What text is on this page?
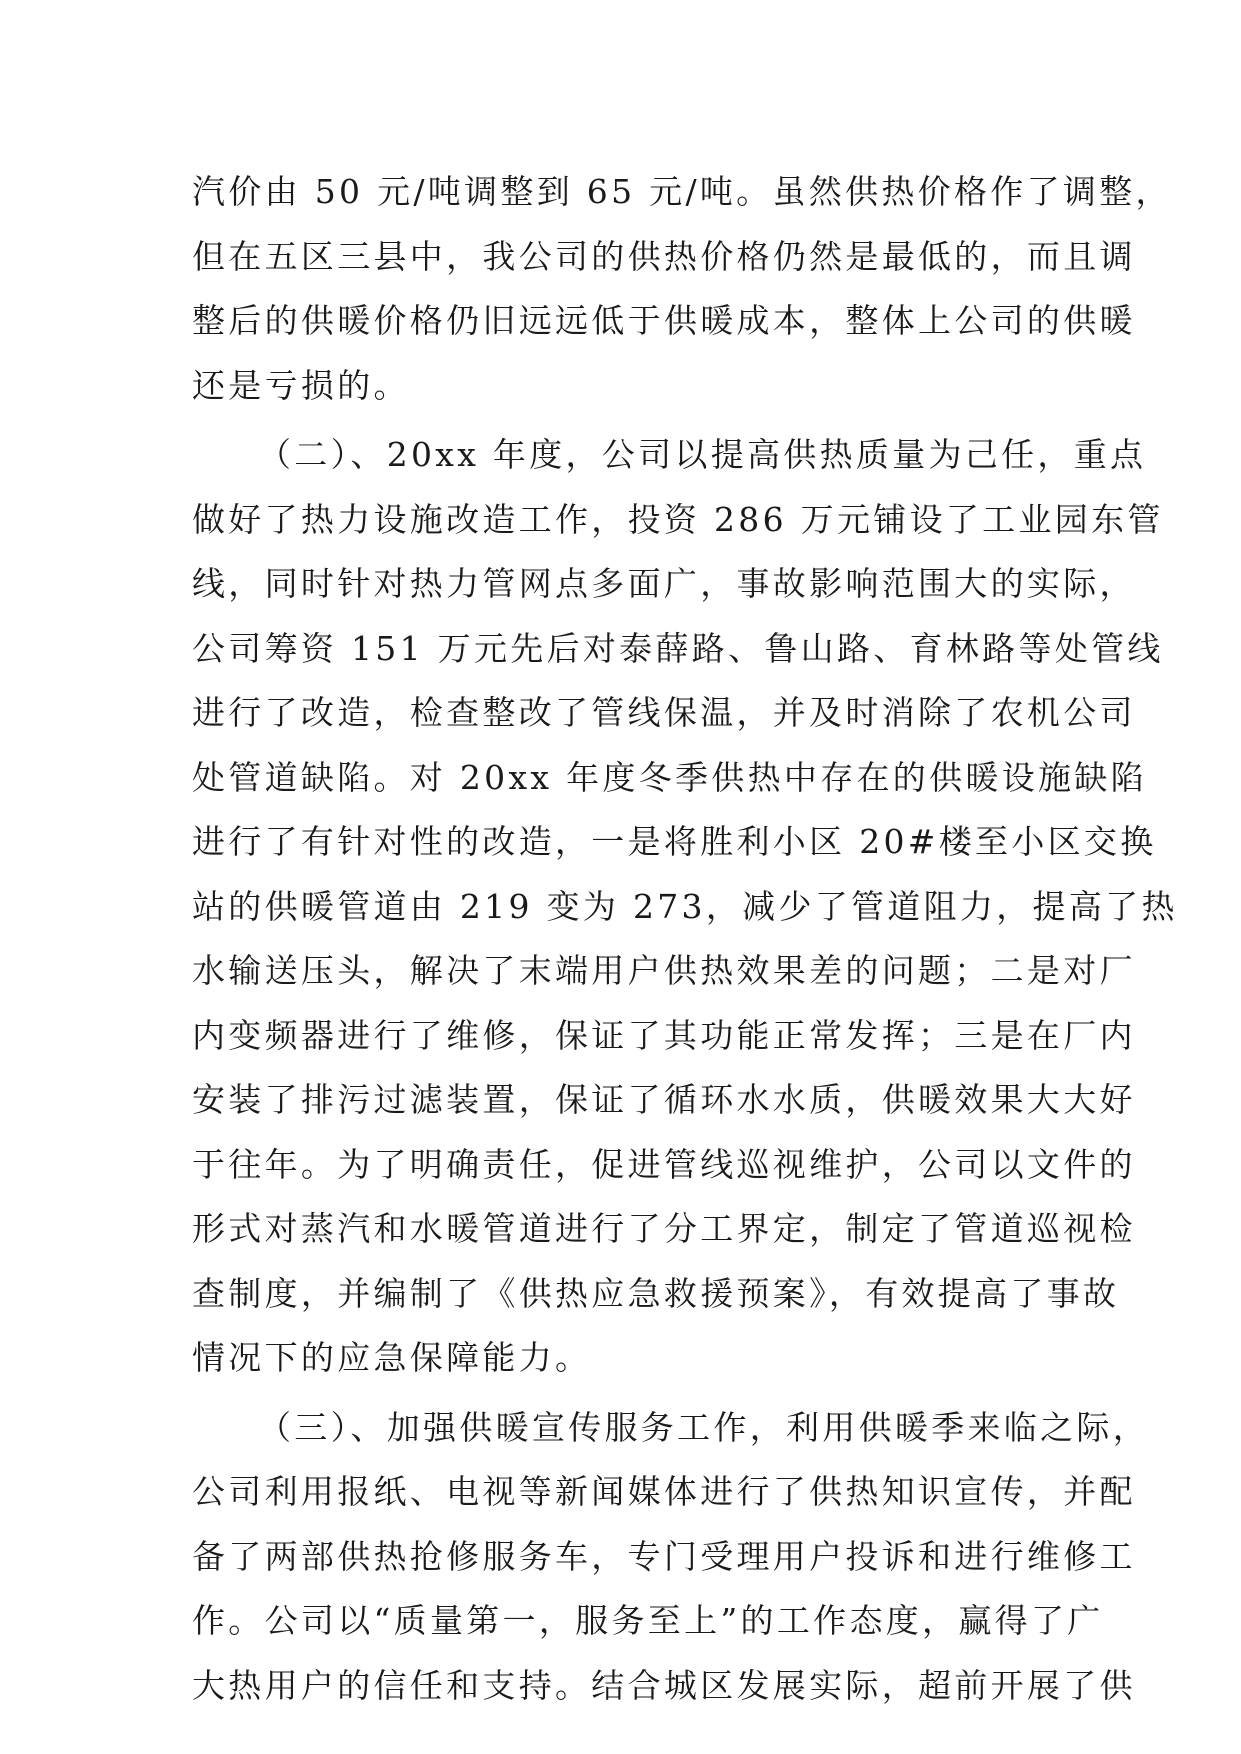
汽价由 50 元/吨调整到 65 元/吨。虽然供热价格作了调整，
但在五区三县中，我公司的供热价格仍然是最低的，而且调
整后的供暖价格仍旧远远低于供暖成本，整体上公司的供暖
还是亏损的。
（二）、20xx 年度，公司以提高供热质量为己任，重点
做好了热力设施改造工作，投资 286 万元铺设了工业园东管
线，同时针对热力管网点多面广，事故影响范围大的实际，
公司筹资 151 万元先后对泰薛路、鲁山路、育林路等处管线
进行了改造，检查整改了管线保温，并及时消除了农机公司
处管道缺陷。对 20xx 年度冬季供热中存在的供暖设施缺陷
进行了有针对性的改造，一是将胜利小区 20#楼至小区交换
站的供暖管道由 219 变为 273，减少了管道阻力，提高了热
水输送压头，解决了末端用户供热效果差的问题；二是对厂
内变频器进行了维修，保证了其功能正常发挥；三是在厂内
安装了排污过滤装置，保证了循环水水质，供暖效果大大好
于往年。为了明确责任，促进管线巡视维护，公司以文件的
形式对蒸汽和水暖管道进行了分工界定，制定了管道巡视检
查制度，并编制了《供热应急救援预案》，有效提高了事故
情况下的应急保障能力。
（三）、加强供暖宣传服务工作，利用供暖季来临之际，
公司利用报纸、电视等新闻媒体进行了供热知识宣传，并配
备了两部供热抢修服务车，专门受理用户投诉和进行维修工
作。公司以“质量第一，服务至上”的工作态度，赢得了广
大热用户的信任和支持。结合城区发展实际，超前开展了供
